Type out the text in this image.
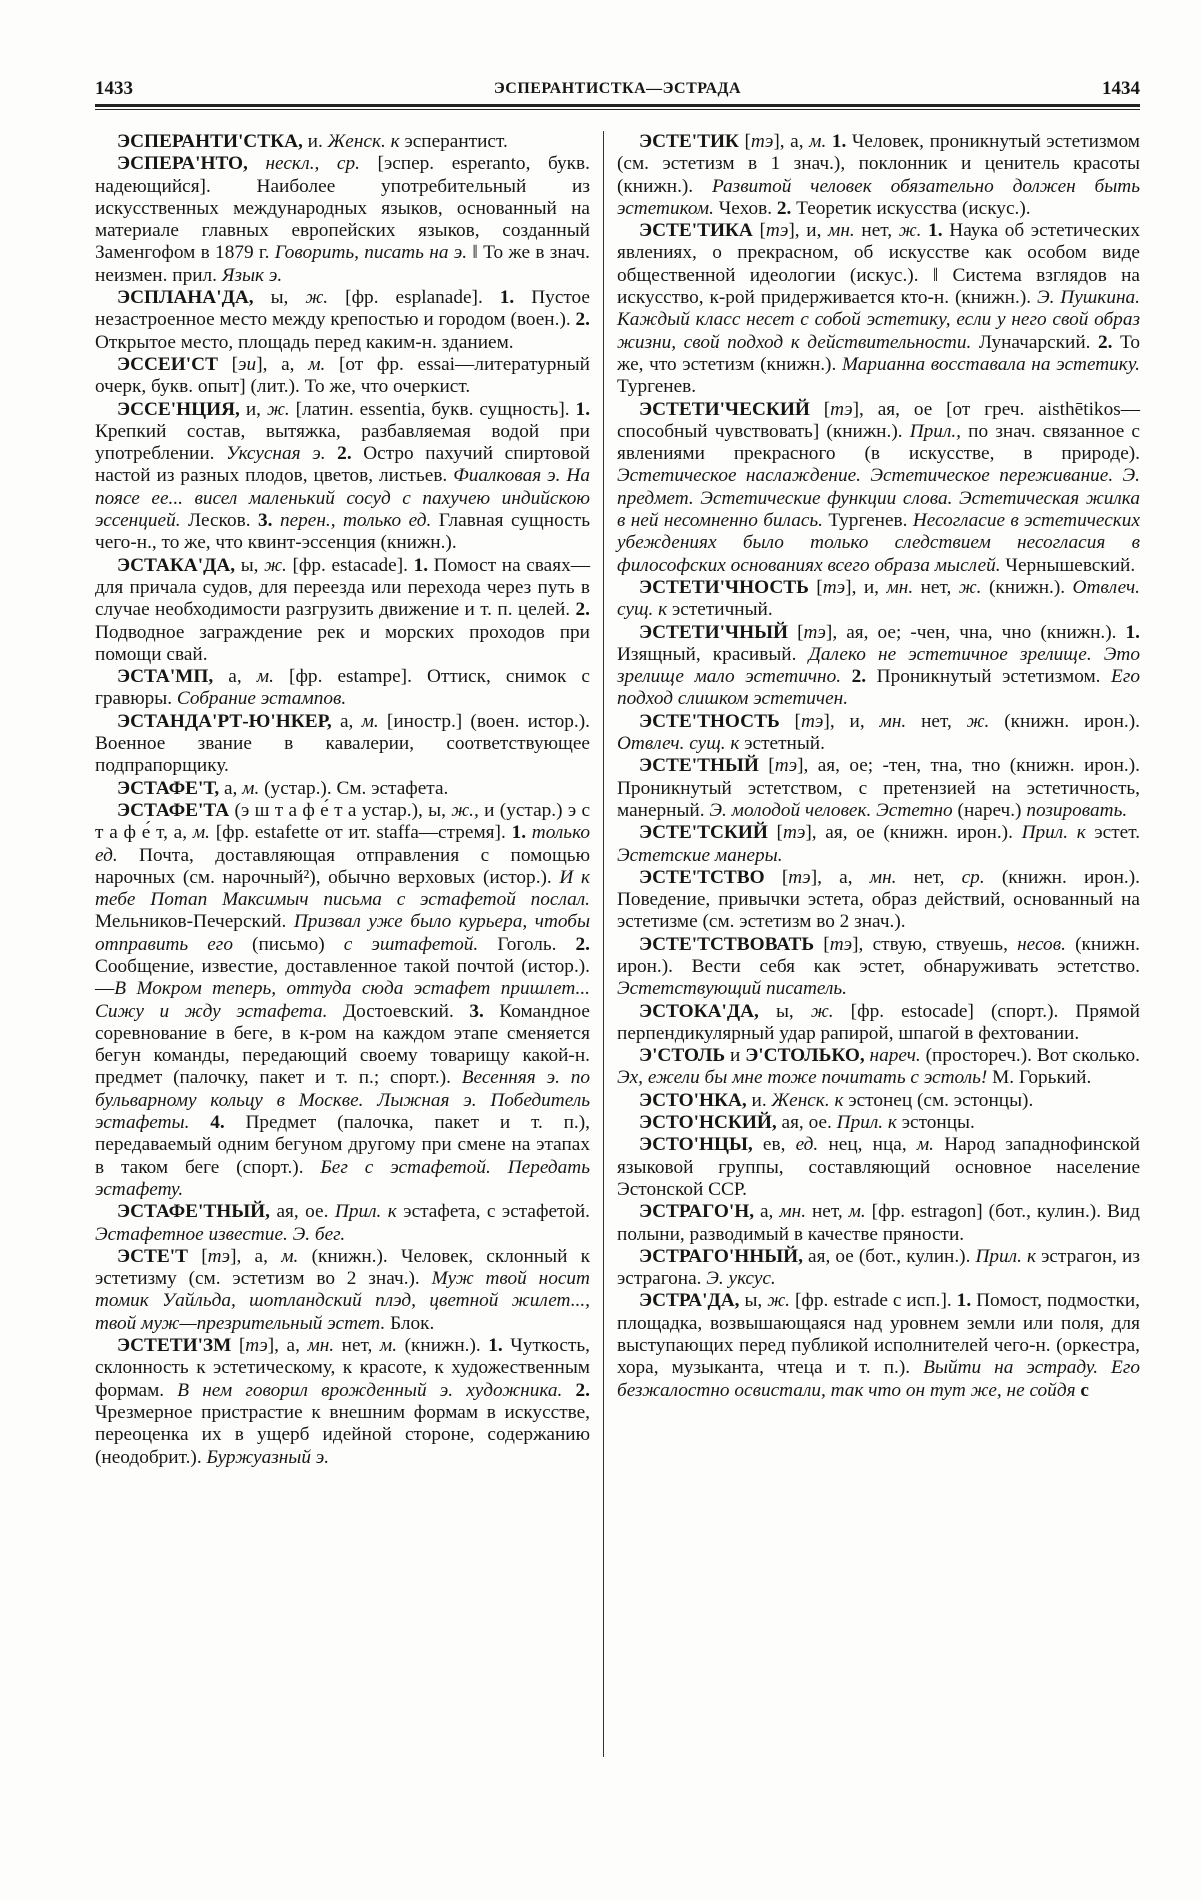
1433	ЭСПЕРАНТИСТКА—ЭСТРАДА	1434

ЭСПЕРАНТИ'СТКА, и. Женск. к эсперантист.

ЭСПЕРА'НТО, нескл., ср. [эспер. esperanto, букв. надеющийся]. Наиболее употребительный из искусственных международных языков, основанный на материале главных европейских языков, созданный Заменгофом в 1879 г. Говорить, писать на э. ‖ То же в знач. неизмен. прил. Язык э.

ЭСПЛАНА'ДА, ы, ж. [фр. esplanade]. 1. Пустое незастроенное место между крепостью и городом (воен.). 2. Открытое место, площадь перед каким-н. зданием.

ЭССЕИ'СТ [эи], а, м. [от фр. essai—литературный очерк, букв. опыт] (лит.). То же, что очеркист.

ЭССЕ'НЦИЯ, и, ж. [латин. essentia, букв. сущность]. 1. Крепкий состав, вытяжка, разбавляемая водой при употреблении. Уксусная э. 2. Остро пахучий спиртовой настой из разных плодов, цветов, листьев. Фиалковая э. На поясе ее... висел маленький сосуд с пахучею индийскою эссенцией. Лесков. 3. перен., только ед. Главная сущность чего-н., то же, что квинт-эссенция (книжн.).

ЭСТАКА'ДА, ы, ж. [фр. estacade]. 1. Помост на сваях—для причала судов, для переезда или перехода через путь в случае необходимости разгрузить движение и т. п. целей. 2. Подводное заграждение рек и морских проходов при помощи свай.

ЭСТА'МП, а, м. [фр. estampe]. Оттиск, снимок с гравюры. Собрание эстампов.

ЭСТАНДА'РТ-Ю'НКЕР, а, м. [иностр.] (воен. истор.). Военное звание в кавалерии, соответствующее подпрапорщику.

ЭСТАФЕ'Т, а, м. (устар.). См. эстафета.

ЭСТАФЕ'ТА (э ш т а ф е́ т а устар.), ы, ж., и (устар.) э с т а ф е́ т, а, м. [фр. estafette от ит. staffa—стремя]. 1. только ед. Почта, доставляющая отправления с помощью нарочных (см. нарочный²), обычно верховых (истор.). И к тебе Потап Максимыч письма с эстафетой послал. Мельников-Печерский. Призвал уже было курьера, чтобы отправить его (письмо) с эштафетой. Гоголь. 2. Сообщение, известие, доставленное такой почтой (истор.).—В Мокром теперь, оттуда сюда эстафет пришлет... Сижу и жду эстафета. Достоевский. 3. Командное соревнование в беге, в к-ром на каждом этапе сменяется бегун команды, передающий своему товарищу какой-н. предмет (палочку, пакет и т. п.; спорт.). Весенняя э. по бульварному кольцу в Москве. Лыжная э. Победитель эстафеты. 4. Предмет (палочка, пакет и т. п.), передаваемый одним бегуном другому при смене на этапах в таком беге (спорт.). Бег с эстафетой. Передать эстафету.

ЭСТАФЕ'ТНЫЙ, ая, ое. Прил. к эстафета, с эстафетой. Эстафетное известие. Э. бег.

ЭСТЕ'Т [тэ], а, м. (книжн.). Человек, склонный к эстетизму (см. эстетизм во 2 знач.). Муж твой носит томик Уайльда, шотландский плэд, цветной жилет..., твой муж—презрительный эстет. Блок.

ЭСТЕТИ'ЗМ [тэ], а, мн. нет, м. (книжн.). 1. Чуткость, склонность к эстетическому, к красоте, к художественным формам. В нем говорил врожденный э. художника. 2. Чрезмерное пристрастие к внешним формам в искусстве, переоценка их в ущерб идейной стороне, содержанию (неодобрит.). Буржуазный э.

ЭСТЕ'ТИК [тэ], а, м. 1. Человек, проникнутый эстетизмом (см. эстетизм в 1 знач.), поклонник и ценитель красоты (книжн.). Развитой человек обязательно должен быть эстетиком. Чехов. 2. Теоретик искусства (искус.).

ЭСТЕ'ТИКА [тэ], и, мн. нет, ж. 1. Наука об эстетических явлениях, о прекрасном, об искусстве как особом виде общественной идеологии (искус.). ‖ Система взглядов на искусство, к-рой придерживается кто-н. (книжн.). Э. Пушкина. Каждый класс несет с собой эстетику, если у него свой образ жизни, свой подход к действительности. Луначарский. 2. То же, что эстетизм (книжн.). Марианна восставала на эстетику. Тургенев.

ЭСТЕТИ'ЧЕСКИЙ [тэ], ая, ое [от греч. aisthētikos—способный чувствовать] (книжн.). Прил., по знач. связанное с явлениями прекрасного (в искусстве, в природе). Эстетическое наслаждение. Эстетическое переживание. Э. предмет. Эстетические функции слова. Эстетическая жилка в ней несомненно билась. Тургенев. Несогласие в эстетических убеждениях было только следствием несогласия в философских основаниях всего образа мыслей. Чернышевский.

ЭСТЕТИ'ЧНОСТЬ [тэ], и, мн. нет, ж. (книжн.). Отвлеч. сущ. к эстетичный.

ЭСТЕТИ'ЧНЫЙ [тэ], ая, ое; -чен, чна, чно (книжн.). 1. Изящный, красивый. Далеко не эстетичное зрелище. Это зрелище мало эстетично. 2. Проникнутый эстетизмом. Его подход слишком эстетичен.

ЭСТЕ'ТНОСТЬ [тэ], и, мн. нет, ж. (книжн. ирон.). Отвлеч. сущ. к эстетный.

ЭСТЕ'ТНЫЙ [тэ], ая, ое; -тен, тна, тно (книжн. ирон.). Проникнутый эстетством, с претензией на эстетичность, манерный. Э. молодой человек. Эстетно (нареч.) позировать.

ЭСТЕ'ТСКИЙ [тэ], ая, ое (книжн. ирон.). Прил. к эстет. Эстетские манеры.

ЭСТЕ'ТСТВО [тэ], а, мн. нет, ср. (книжн. ирон.). Поведение, привычки эстета, образ действий, основанный на эстетизме (см. эстетизм во 2 знач.).

ЭСТЕ'ТСТВОВАТЬ [тэ], ствую, ствуешь, несов. (книжн. ирон.). Вести себя как эстет, обнаруживать эстетство. Эстетствующий писатель.

ЭСТОКА'ДА, ы, ж. [фр. estocade] (спорт.). Прямой перпендикулярный удар рапирой, шпагой в фехтовании.

Э'СТОЛЬ и Э'СТОЛЬКО, нареч. (простореч.). Вот сколько. Эх, ежели бы мне тоже почитать с эстоль! М. Горький.

ЭСТО'НКА, и. Женск. к эстонец (см. эстонцы).

ЭСТО'НСКИЙ, ая, ое. Прил. к эстонцы.

ЭСТО'НЦЫ, ев, ед. нец, нца, м. Народ западнофинской языковой группы, составляющий основное население Эстонской ССР.

ЭСТРАГО'Н, а, мн. нет, м. [фр. estragon] (бот., кулин.). Вид полыни, разводимый в качестве пряности.

ЭСТРАГО'ННЫЙ, ая, ое (бот., кулин.). Прил. к эстрагон, из эстрагона. Э. уксус.

ЭСТРА'ДА, ы, ж. [фр. estrade с исп.]. 1. Помост, подмостки, площадка, возвышающаяся над уровнем земли или поля, для выступающих перед публикой исполнителей чего-н. (оркестра, хора, музыканта, чтеца и т. п.). Выйти на эстраду. Его безжалостно освистали, так что он тут же, не сойдя с
